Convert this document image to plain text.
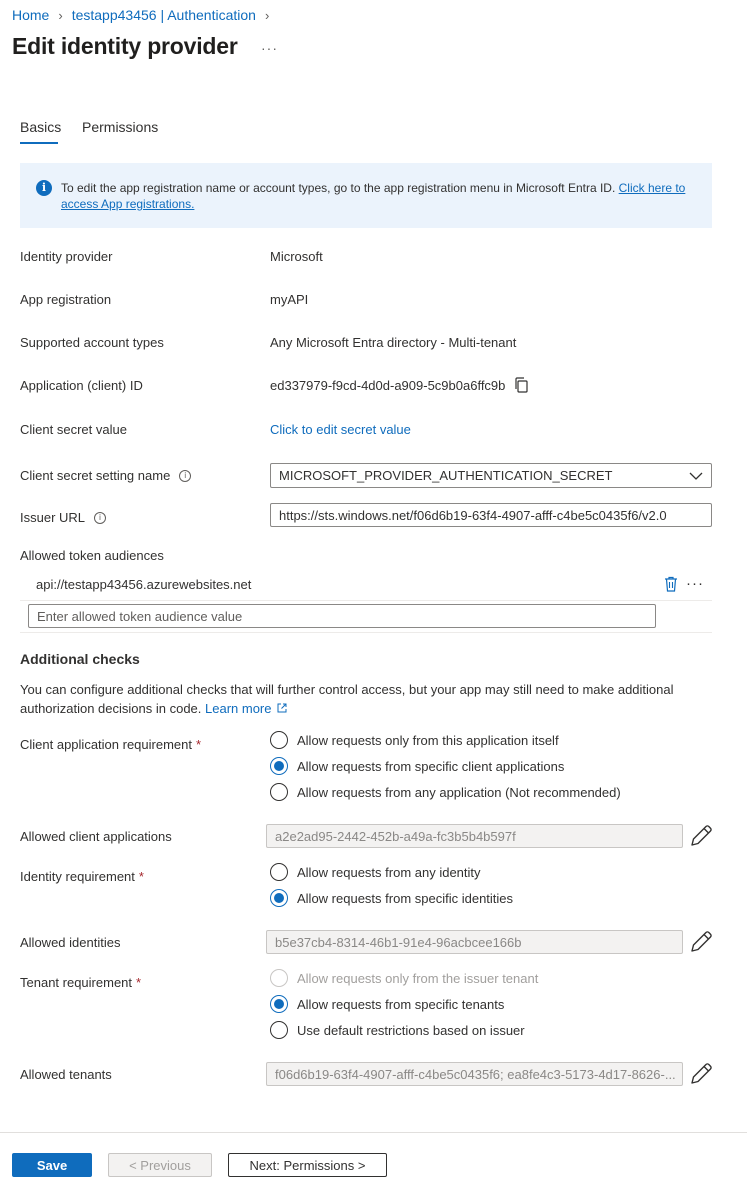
Home › testapp43456 | Authentication ›
Edit identity provider ···
Basics Permissions
i	To edit the app registration name or account types, go to the app registration menu in Microsoft Entra ID. Click here to access App registrations.
Identity provider	Microsoft
App registration	myAPI
Supported account types	Any Microsoft Entra directory - Multi-tenant
Application (client) ID	ed337979-f9cd-4d0d-a909-5c9b0a6ffc9b
Client secret value	Click to edit secret value
Client secret setting name	i	MICROSOFT_PROVIDER_AUTHENTICATION_SECRET
Issuer URL	i	https://sts.windows.net/f06d6b19-63f4-4907-afff-c4be5c0435f6/v2.0
Allowed token audiences
api://testapp43456.azurewebsites.net	···
Enter allowed token audience value
Additional checks
You can configure additional checks that will further control access, but your app may still need to make additional authorization decisions in code. Learn more
Client application requirement *	Allow requests only from this application itself
Allow requests from specific client applications
Allow requests from any application (Not recommended)
Allowed client applications	a2e2ad95-2442-452b-a49a-fc3b5b4b597f
Identity requirement *	Allow requests from any identity
Allow requests from specific identities
Allowed identities	b5e37cb4-8314-46b1-91e4-96acbcee166b
Tenant requirement *	Allow requests only from the issuer tenant
Allow requests from specific tenants
Use default restrictions based on issuer
Allowed tenants	f06d6b19-63f4-4907-afff-c4be5c0435f6; ea8fe4c3-5173-4d17-8626-...
Save	< Previous	Next: Permissions >
